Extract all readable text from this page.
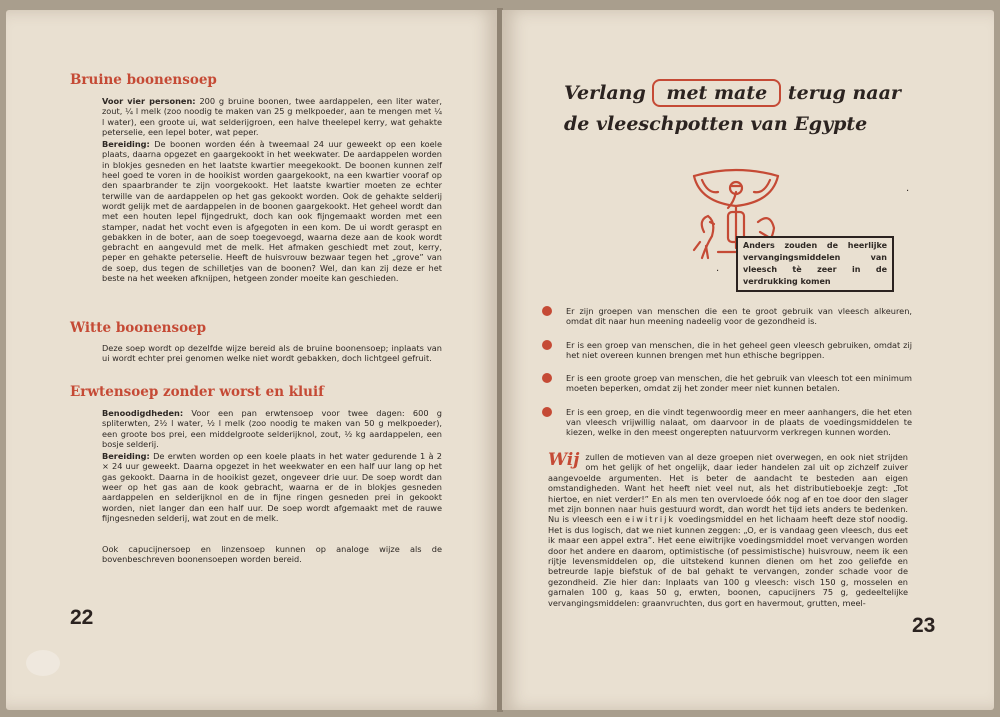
Bruine boonensoep

Voor vier personen: 200 g bruine boonen, twee aardappelen, een liter water, zout, ¼ l melk (zoo noodig te maken van 25 g melkpoeder, aan te mengen met ¼ l water), een groote ui, wat selderijgroen, een halve theelepel kerry, wat gehakte peterselie, een lepel boter, wat peper.

Bereiding: De boonen worden één à tweemaal 24 uur geweekt op een koele plaats, daarna opgezet en gaargekookt in het weekwater. De aardappelen worden in blokjes gesneden en het laatste kwartier meegekookt. De boonen kunnen zelf heel goed te voren in de hooikist worden gaargekookt, na een kwartier vooraf op den spaarbrander te zijn voorgekookt. Het laatste kwartier moeten ze echter terwille van de aardappelen op het gas gekookt worden. Ook de gehakte selderij wordt gelijk met de aardappelen in de boonen gaargekookt. Het geheel wordt dan met een houten lepel fijngedrukt, doch kan ook fijngemaakt worden met een stamper, nadat het vocht even is afgegoten in een kom. De ui wordt geraspt en gebakken in de boter, aan de soep toegevoegd, waarna deze aan de kook wordt gebracht en aangevuld met de melk. Het afmaken geschiedt met zout, kerry, peper en gehakte peterselie. Heeft de huisvrouw bezwaar tegen het „grove” van de soep, dus tegen de schilletjes van de boonen? Wel, dan kan zij deze er het beste na het weeken afknijpen, hetgeen zonder moeite kan geschieden.

Witte boonensoep

Deze soep wordt op dezelfde wijze bereid als de bruine boonensoep; inplaats van ui wordt echter prei genomen welke niet wordt gebakken, doch lichtgeel gefruit.

Erwtensoep zonder worst en kluif

Benoodigdheden: Voor een pan erwtensoep voor twee dagen: 600 g spliterwten, 2½ l water, ½ l melk (zoo noodig te maken van 50 g melkpoeder), een groote bos prei, een middelgroote selderijknol, zout, ½ kg aardappelen, een bosje selderij.

Bereiding: De erwten worden op een koele plaats in het water gedurende 1 à 2 × 24 uur geweekt. Daarna opgezet in het weekwater en een half uur lang op het gas gekookt. Daarna in de hooikist gezet, ongeveer drie uur. De soep wordt dan weer op het gas aan de kook gebracht, waarna er de in blokjes gesneden aardappelen en selderijknol en de in fijne ringen gesneden prei in gekookt worden, niet langer dan een half uur. De soep wordt afgemaakt met de rauwe fijngesneden selderij, wat zout en de melk.

Ook capucijnersoep en linzensoep kunnen op analoge wijze als de bovenbeschreven boonensoepen worden bereid.

22
Verlang met mate terug naar
de vleeschpotten van Egypte
Anders zouden de heerlijke vervangingsmiddelen van vleesch tè zeer in de verdrukking komen
·
·
Er zijn groepen van menschen die een te groot gebruik van vleesch alkeuren, omdat dit naar hun meening nadeelig voor de gezondheid is.
Er is een groep van menschen, die in het geheel geen vleesch gebruiken, omdat zij het niet overeen kunnen brengen met hun ethische begrippen.
Er is een groote groep van menschen, die het gebruik van vleesch tot een minimum moeten beperken, omdat zij het zonder meer niet kunnen betalen.
Er is een groep, en die vindt tegenwoordig meer en meer aanhangers, die het eten van vleesch vrijwillig nalaat, om daarvoor in de plaats de voedingsmiddelen te kiezen, welke in den meest ongerepten natuurvorm verkregen kunnen worden.

Wij zullen de motieven van al deze groepen niet overwegen, en ook niet strijden om het gelijk of het ongelijk, daar ieder handelen zal uit op zichzelf zuiver aangevoelde argumenten. Het is beter de aandacht te besteden aan eigen omstandigheden. Want het heeft niet veel nut, als het distributieboekje zegt: „Tot hiertoe, en niet verder!” En als men ten overvloede óók nog af en toe door den slager met zijn bonnen naar huis gestuurd wordt, dan wordt het tijd iets anders te bedenken. Nu is vleesch een eiwitrijk voedingsmiddel en het lichaam heeft deze stof noodig. Het is dus logisch, dat we niet kunnen zeggen: „O, er is vandaag geen vleesch, dus eet ik maar een appel extra”. Het eene eiwitrijke voedingsmiddel moet vervangen worden door het andere en daarom, optimistische (of pessimistische) huisvrouw, neem ik een rijtje levensmiddelen op, die uitstekend kunnen dienen om het zoo geliefde en betreurde lapje biefstuk of de bal gehakt te vervangen, zonder schade voor de gezondheid. Zie hier dan: Inplaats van 100 g vleesch: visch 150 g, mosselen en garnalen 100 g, kaas 50 g, erwten, boonen, capucijners 75 g, gedeeltelijke vervangingsmiddelen: graanvruchten, dus gort en havermout, grutten, meel-

23
